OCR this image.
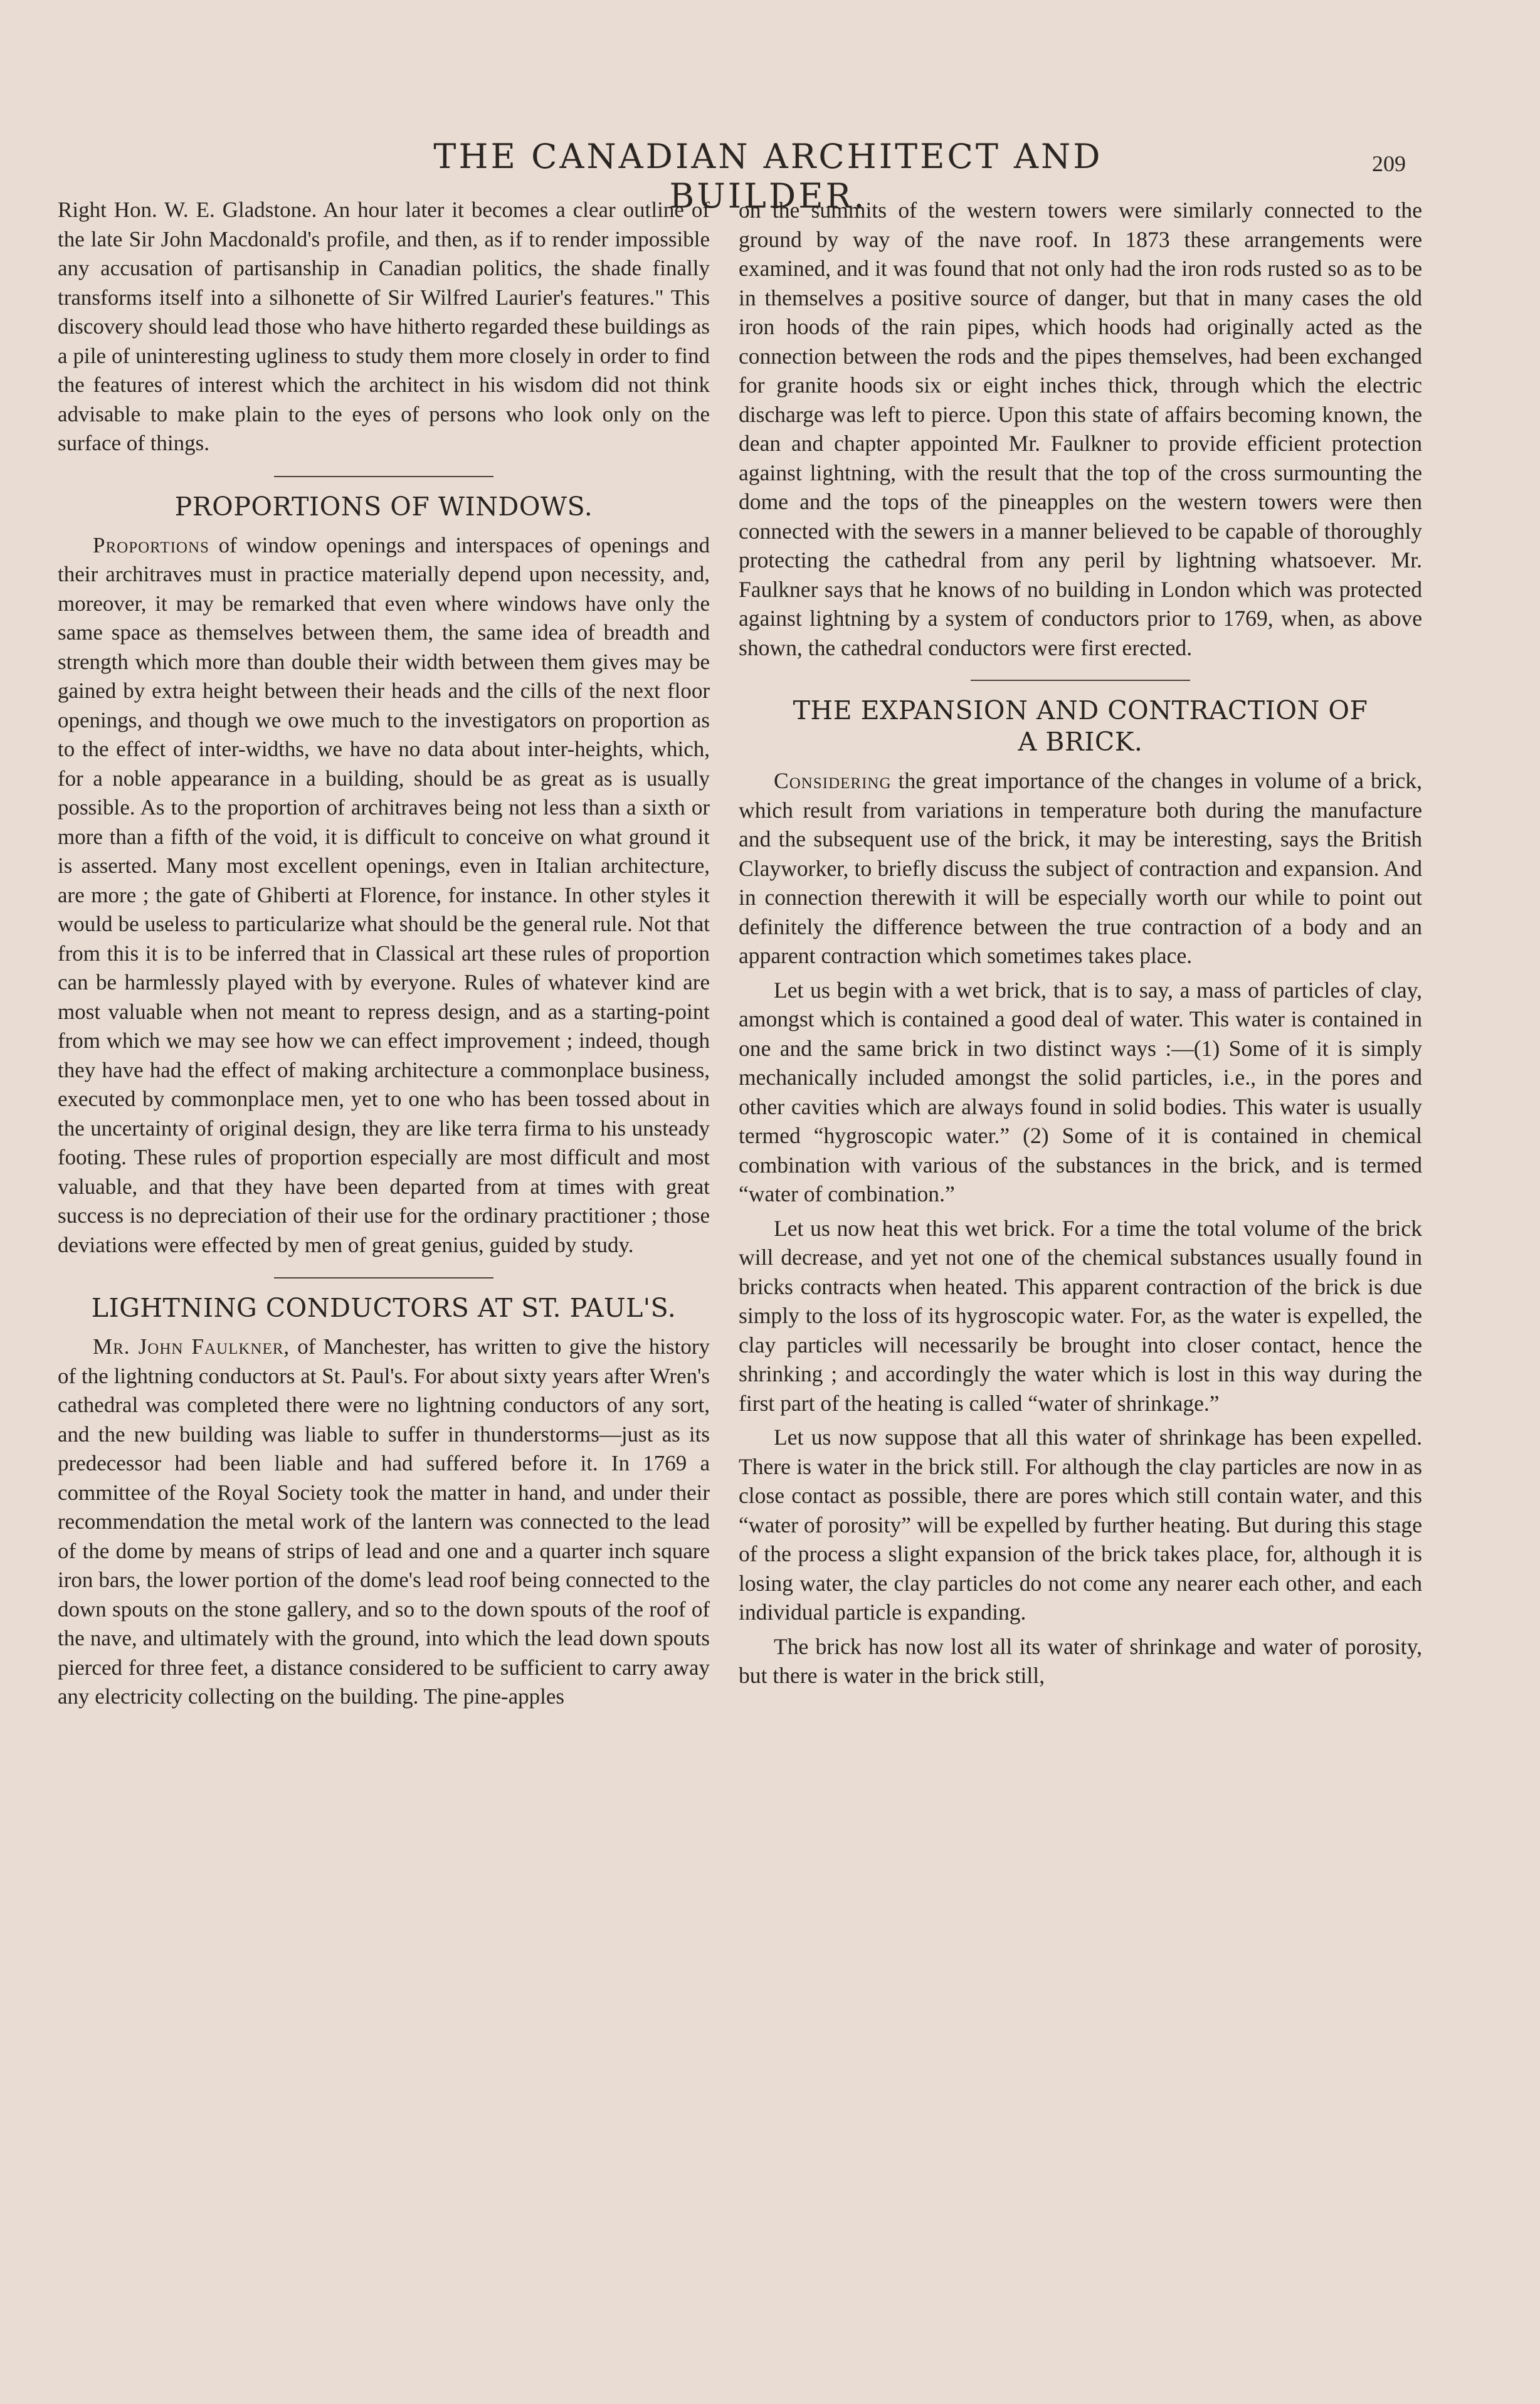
THE CANADIAN ARCHITECT AND BUILDER.
209

Right Hon. W. E. Gladstone. An hour later it becomes a clear outline of the late Sir John Macdonald's profile, and then, as if to render impossible any accusation of partisanship in Canadian politics, the shade finally transforms itself into a silhonette of Sir Wilfred Laurier's features." This discovery should lead those who have hitherto regarded these buildings as a pile of uninteresting ugliness to study them more closely in order to find the features of interest which the architect in his wisdom did not think advisable to make plain to the eyes of persons who look only on the surface of things.

PROPORTIONS OF WINDOWS.

Proportions of window openings and interspaces of openings and their architraves must in practice materially depend upon necessity, and, moreover, it may be remarked that even where windows have only the same space as themselves between them, the same idea of breadth and strength which more than double their width between them gives may be gained by extra height between their heads and the cills of the next floor openings, and though we owe much to the investigators on proportion as to the effect of inter-widths, we have no data about inter-heights, which, for a noble appearance in a building, should be as great as is usually possible. As to the proportion of architraves being not less than a sixth or more than a fifth of the void, it is difficult to conceive on what ground it is asserted. Many most excellent openings, even in Italian architecture, are more ; the gate of Ghiberti at Florence, for instance. In other styles it would be useless to particularize what should be the general rule. Not that from this it is to be inferred that in Classical art these rules of proportion can be harmlessly played with by everyone. Rules of whatever kind are most valuable when not meant to repress design, and as a starting-point from which we may see how we can effect improvement ; indeed, though they have had the effect of making architecture a commonplace business, executed by commonplace men, yet to one who has been tossed about in the uncertainty of original design, they are like terra firma to his unsteady footing. These rules of proportion especially are most difficult and most valuable, and that they have been departed from at times with great success is no depreciation of their use for the ordinary practitioner ; those deviations were effected by men of great genius, guided by study.

LIGHTNING CONDUCTORS AT ST. PAUL'S.

Mr. John Faulkner, of Manchester, has written to give the history of the lightning conductors at St. Paul's. For about sixty years after Wren's cathedral was completed there were no lightning conductors of any sort, and the new building was liable to suffer in thunderstorms—just as its predecessor had been liable and had suffered before it. In 1769 a committee of the Royal Society took the matter in hand, and under their recommendation the metal work of the lantern was connected to the lead of the dome by means of strips of lead and one and a quarter inch square iron bars, the lower portion of the dome's lead roof being connected to the down spouts on the stone gallery, and so to the down spouts of the roof of the nave, and ultimately with the ground, into which the lead down spouts pierced for three feet, a distance considered to be sufficient to carry away any electricity collecting on the building. The pine-apples

on the summits of the western towers were similarly connected to the ground by way of the nave roof. In 1873 these arrangements were examined, and it was found that not only had the iron rods rusted so as to be in themselves a positive source of danger, but that in many cases the old iron hoods of the rain pipes, which hoods had originally acted as the connection between the rods and the pipes themselves, had been exchanged for granite hoods six or eight inches thick, through which the electric discharge was left to pierce. Upon this state of affairs becoming known, the dean and chapter appointed Mr. Faulkner to provide efficient protection against lightning, with the result that the top of the cross surmounting the dome and the tops of the pineapples on the western towers were then connected with the sewers in a manner believed to be capable of thoroughly protecting the cathedral from any peril by lightning whatsoever. Mr. Faulkner says that he knows of no building in London which was protected against lightning by a system of conductors prior to 1769, when, as above shown, the cathedral conductors were first erected.

THE EXPANSION AND CONTRACTION OF
A BRICK.

Considering the great importance of the changes in volume of a brick, which result from variations in temperature both during the manufacture and the subsequent use of the brick, it may be interesting, says the British Clayworker, to briefly discuss the subject of contraction and expansion. And in connection therewith it will be especially worth our while to point out definitely the difference between the true contraction of a body and an apparent contraction which sometimes takes place.

Let us begin with a wet brick, that is to say, a mass of particles of clay, amongst which is contained a good deal of water. This water is contained in one and the same brick in two distinct ways :—(1) Some of it is simply mechanically included amongst the solid particles, i.e., in the pores and other cavities which are always found in solid bodies. This water is usually termed “hygroscopic water.” (2) Some of it is contained in chemical combination with various of the substances in the brick, and is termed “water of combination.”

Let us now heat this wet brick. For a time the total volume of the brick will decrease, and yet not one of the chemical substances usually found in bricks contracts when heated. This apparent contraction of the brick is due simply to the loss of its hygroscopic water. For, as the water is expelled, the clay particles will necessarily be brought into closer contact, hence the shrinking ; and accordingly the water which is lost in this way during the first part of the heating is called “water of shrinkage.”

Let us now suppose that all this water of shrinkage has been expelled. There is water in the brick still. For although the clay particles are now in as close contact as possible, there are pores which still contain water, and this “water of porosity” will be expelled by further heating. But during this stage of the process a slight expansion of the brick takes place, for, although it is losing water, the clay particles do not come any nearer each other, and each individual particle is expanding.

The brick has now lost all its water of shrinkage and water of porosity, but there is water in the brick still,
